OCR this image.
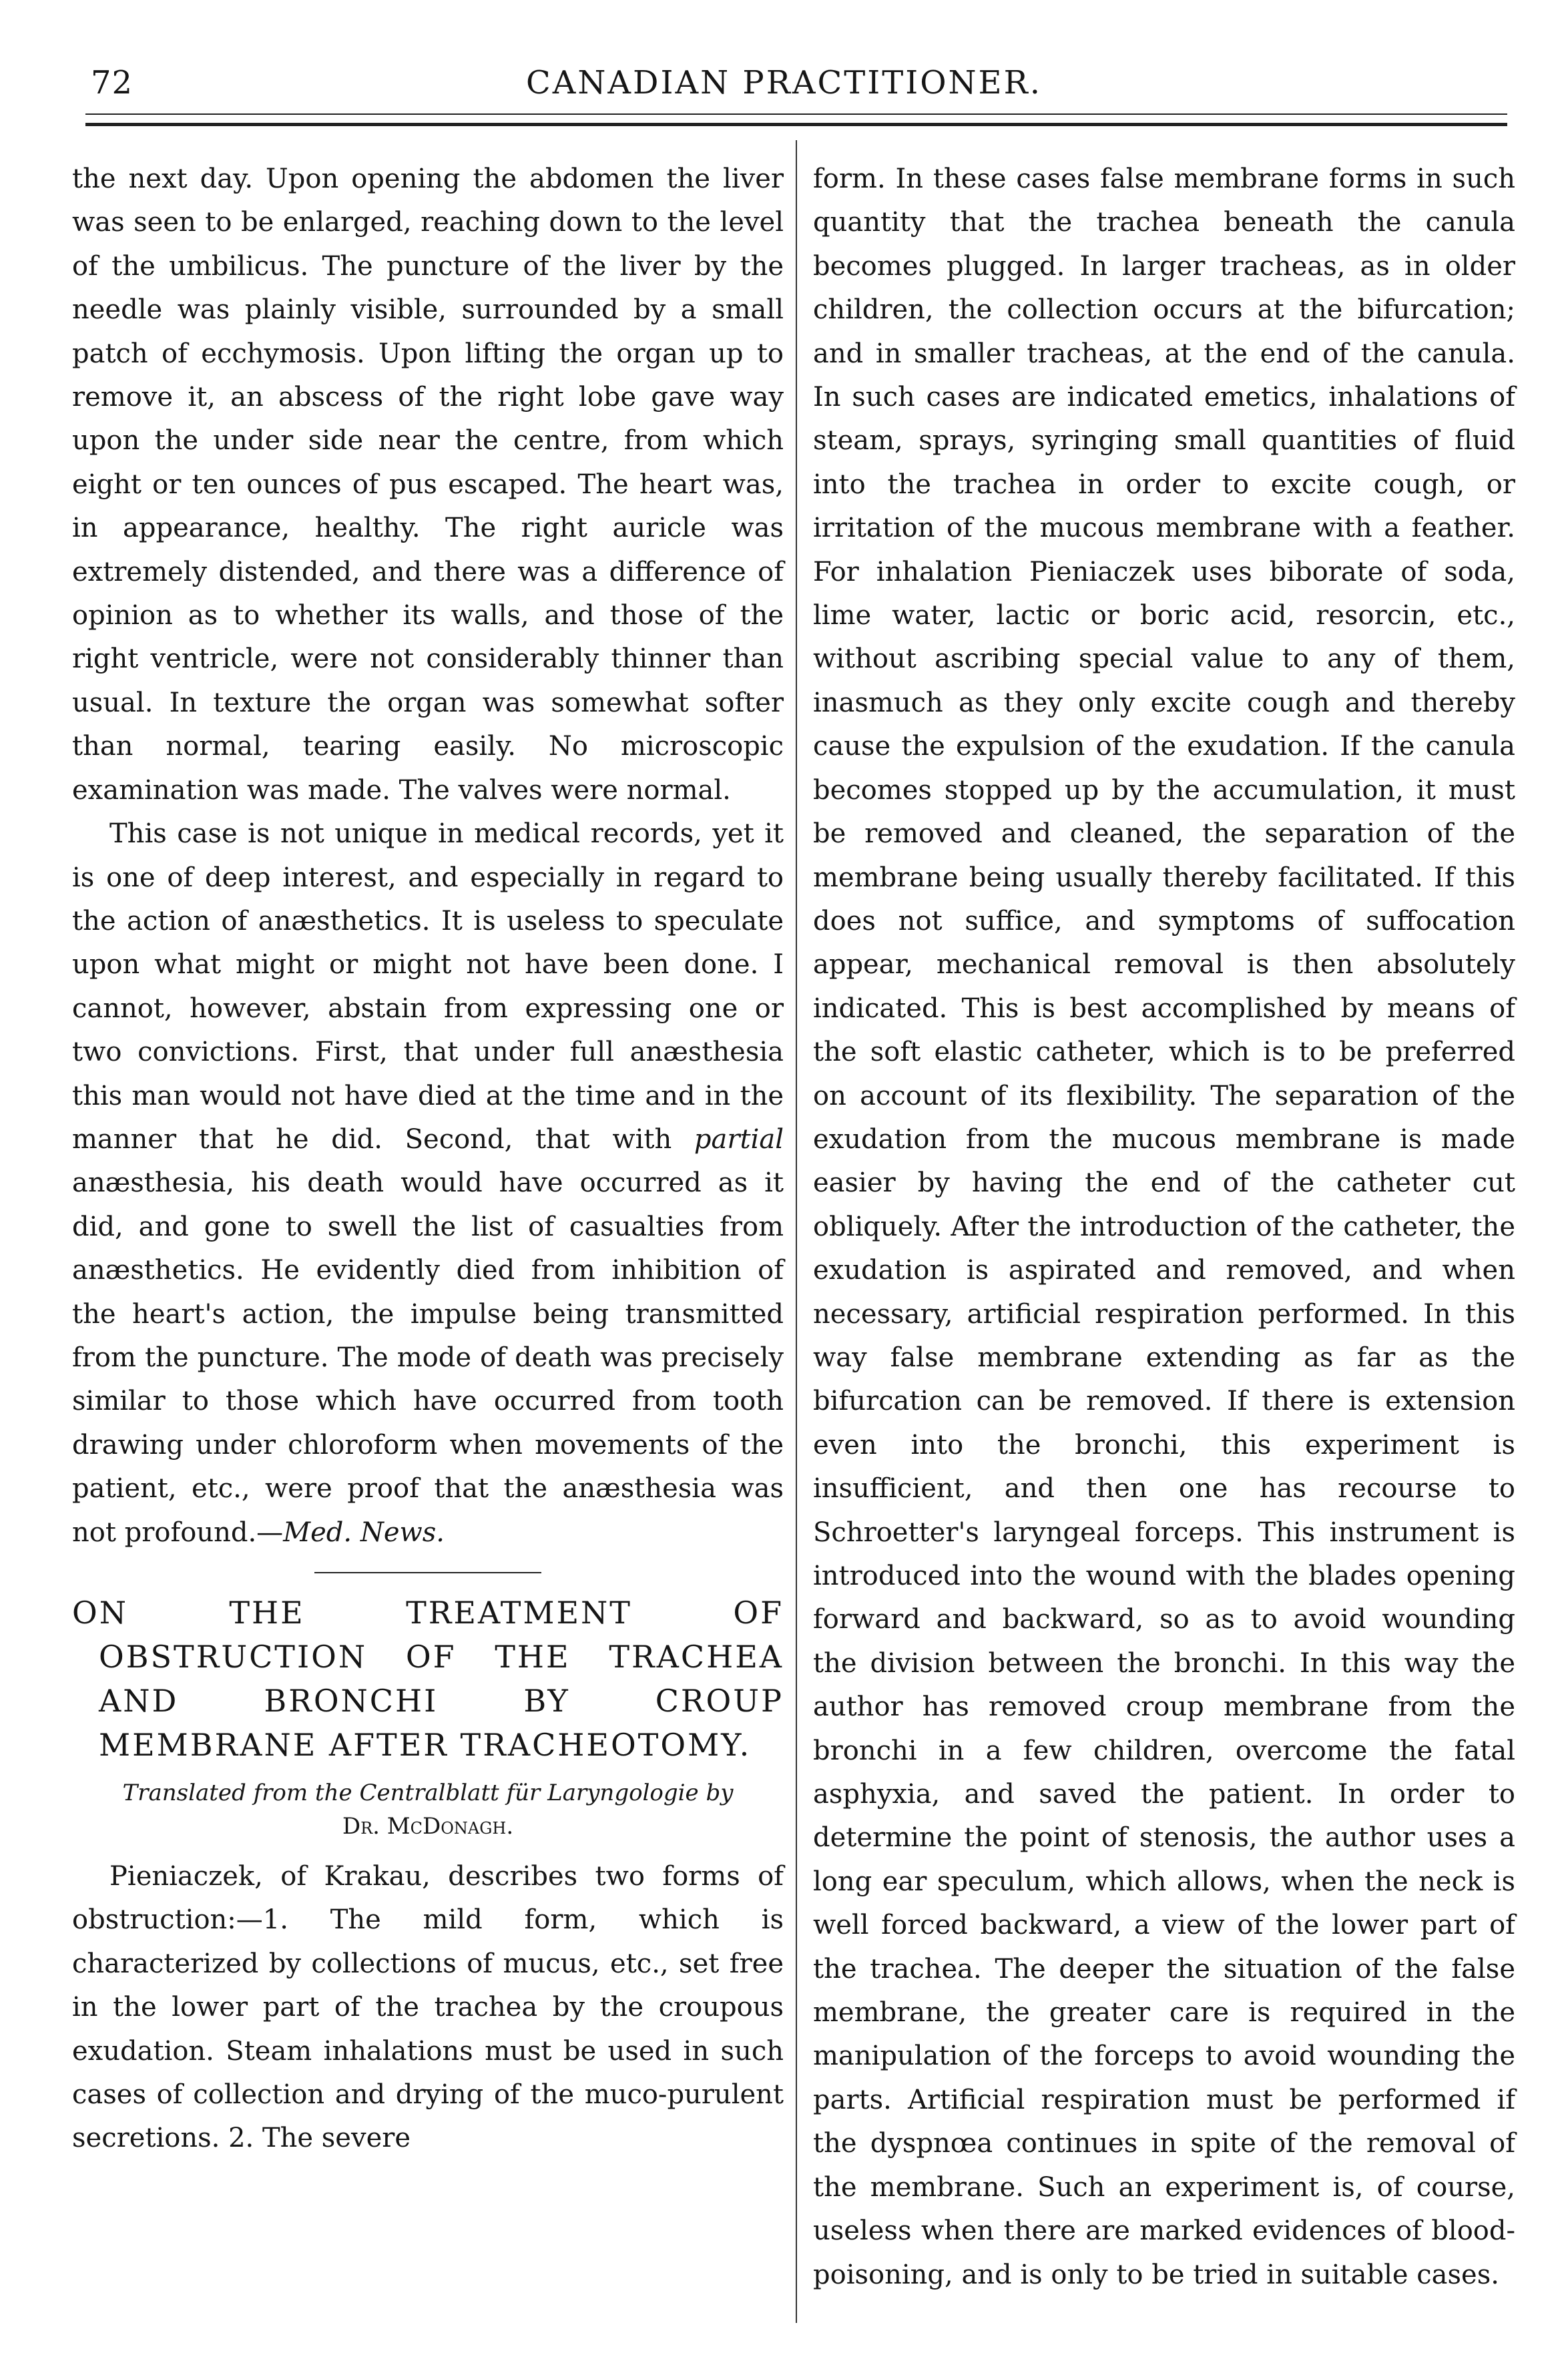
72	CANADIAN PRACTITIONER.

the next day. Upon opening the abdomen the liver was seen to be enlarged, reaching down to the level of the umbilicus. The puncture of the liver by the needle was plainly visible, surrounded by a small patch of ecchymosis. Upon lifting the organ up to remove it, an abscess of the right lobe gave way upon the under side near the centre, from which eight or ten ounces of pus escaped. The heart was, in appearance, healthy. The right auricle was extremely distended, and there was a difference of opinion as to whether its walls, and those of the right ventricle, were not considerably thinner than usual. In texture the organ was somewhat softer than normal, tearing easily. No microscopic examination was made. The valves were normal.

This case is not unique in medical records, yet it is one of deep interest, and especially in regard to the action of anæsthetics. It is useless to speculate upon what might or might not have been done. I cannot, however, abstain from expressing one or two convictions. First, that under full anæsthesia this man would not have died at the time and in the manner that he did. Second, that with partial anæsthesia, his death would have occurred as it did, and gone to swell the list of casualties from anæsthetics. He evidently died from inhibition of the heart's action, the impulse being transmitted from the puncture. The mode of death was precisely similar to those which have occurred from tooth drawing under chloroform when movements of the patient, etc., were proof that the anæsthesia was not profound.—Med. News.

ON THE TREATMENT OF OBSTRUCTION OF THE TRACHEA AND BRONCHI BY CROUP MEMBRANE AFTER TRACHEOTOMY.
Translated from the Centralblatt für Laryngologie by
Dr. McDonagh.

Pieniaczek, of Krakau, describes two forms of obstruction:—1. The mild form, which is characterized by collections of mucus, etc., set free in the lower part of the trachea by the croupous exudation. Steam inhalations must be used in such cases of collection and drying of the muco-purulent secretions. 2. The severe

form. In these cases false membrane forms in such quantity that the trachea beneath the canula becomes plugged. In larger tracheas, as in older children, the collection occurs at the bifurcation; and in smaller tracheas, at the end of the canula. In such cases are indicated emetics, inhalations of steam, sprays, syringing small quantities of fluid into the trachea in order to excite cough, or irritation of the mucous membrane with a feather. For inhalation Pieniaczek uses biborate of soda, lime water, lactic or boric acid, resorcin, etc., without ascribing special value to any of them, inasmuch as they only excite cough and thereby cause the expulsion of the exudation. If the canula becomes stopped up by the accumulation, it must be removed and cleaned, the separation of the membrane being usually thereby facilitated. If this does not suffice, and symptoms of suffocation appear, mechanical removal is then absolutely indicated. This is best accomplished by means of the soft elastic catheter, which is to be preferred on account of its flexibility. The separation of the exudation from the mucous membrane is made easier by having the end of the catheter cut obliquely. After the introduction of the catheter, the exudation is aspirated and removed, and when necessary, artificial respiration performed. In this way false membrane extending as far as the bifurcation can be removed. If there is extension even into the bronchi, this experiment is insufficient, and then one has recourse to Schroetter's laryngeal forceps. This instrument is introduced into the wound with the blades opening forward and backward, so as to avoid wounding the division between the bronchi. In this way the author has removed croup membrane from the bronchi in a few children, overcome the fatal asphyxia, and saved the patient. In order to determine the point of stenosis, the author uses a long ear speculum, which allows, when the neck is well forced backward, a view of the lower part of the trachea. The deeper the situation of the false membrane, the greater care is required in the manipulation of the forceps to avoid wounding the parts. Artificial respiration must be performed if the dyspnœa continues in spite of the removal of the membrane. Such an experiment is, of course, useless when there are marked evidences of blood-poisoning, and is only to be tried in suitable cases.
